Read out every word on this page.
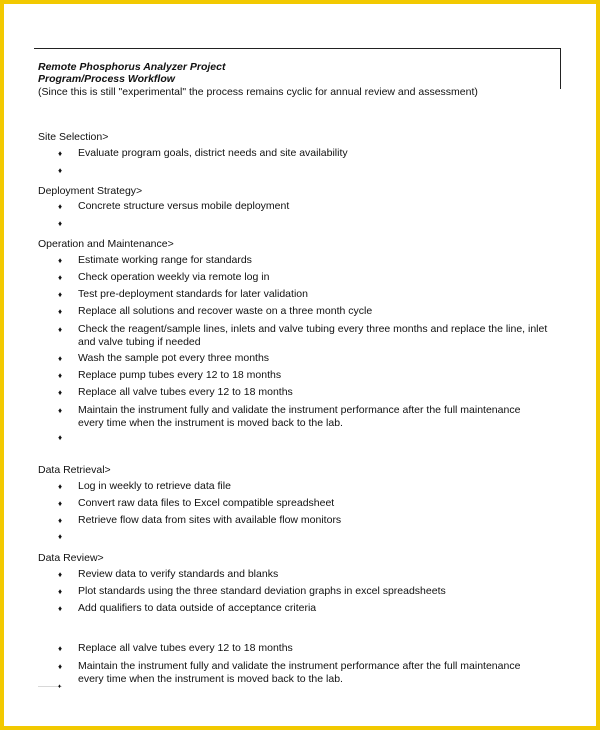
Remote Phosphorus Analyzer Project
Program/Process Workflow
(Since this is still "experimental" the process remains cyclic for annual review and assessment)
Site Selection>
♦ Evaluate program goals, district needs and site availability
♦
Deployment Strategy>
♦ Concrete structure versus mobile deployment
♦
Operation and Maintenance>
♦ Estimate working range for standards
♦ Check operation weekly via remote log in
♦ Test pre-deployment standards for later validation
♦ Replace all solutions and recover waste on a three month cycle
♦ Check the reagent/sample lines, inlets and valve tubing every three months and replace the line, inlet and valve tubing if needed
♦ Wash the sample pot every three months
♦ Replace pump tubes every 12 to 18 months
♦ Replace all valve tubes every 12 to 18 months
♦ Maintain the instrument fully and validate the instrument performance after the full maintenance every time when the instrument is moved back to the lab.
♦
Data Retrieval>
♦ Log in weekly to retrieve data file
♦ Convert raw data files to Excel compatible spreadsheet
♦ Retrieve flow data from sites with available flow monitors
♦
Data Review>
♦ Review data to verify standards and blanks
♦ Plot standards using the three standard deviation graphs in excel spreadsheets
♦ Add qualifiers to data outside of acceptance criteria
♦ Replace all valve tubes every 12 to 18 months
♦ Maintain the instrument fully and validate the instrument performance after the full maintenance every time when the instrument is moved back to the lab.
♦
